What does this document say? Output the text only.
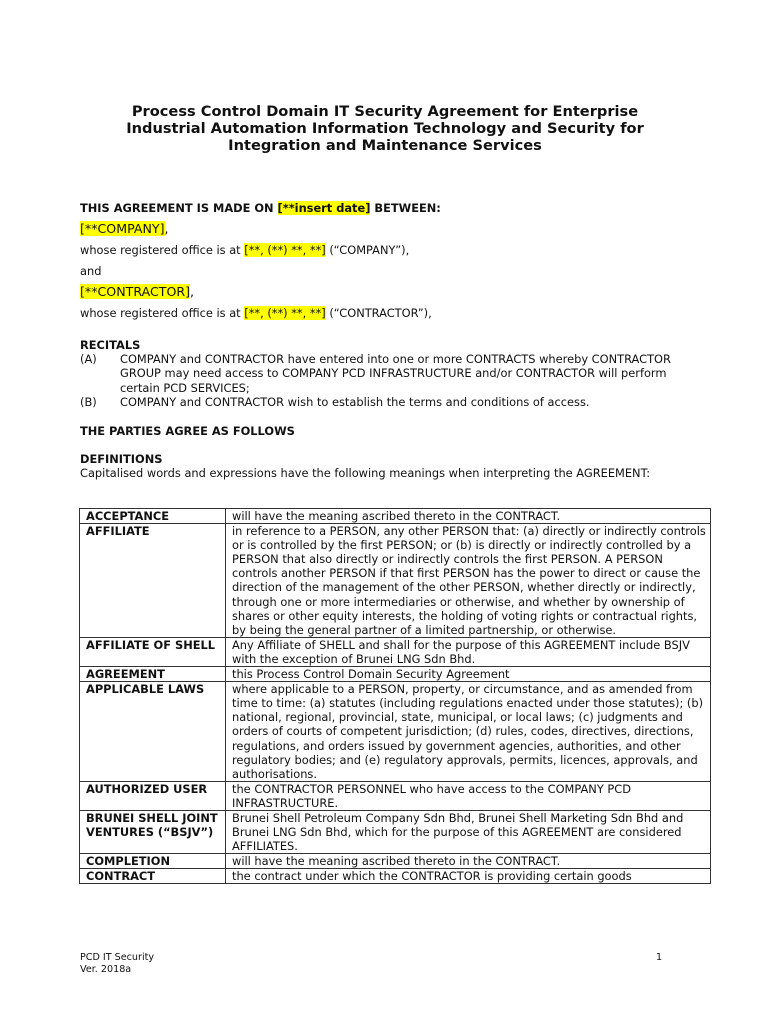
Process Control Domain IT Security Agreement for Enterprise
Industrial Automation Information Technology and Security for
Integration and Maintenance Services
THIS AGREEMENT IS MADE ON [**insert date] BETWEEN:
[**COMPANY],
whose registered office is at [**, (**) **, **] (“COMPANY”),
and
[**CONTRACTOR],
whose registered office is at [**, (**) **, **] (“CONTRACTOR”),
RECITALS
(A)	COMPANY and CONTRACTOR have entered into one or more CONTRACTS whereby CONTRACTOR GROUP may need access to COMPANY PCD INFRASTRUCTURE and/or CONTRACTOR will perform certain PCD SERVICES;
(B)	COMPANY and CONTRACTOR wish to establish the terms and conditions of access.
THE PARTIES AGREE AS FOLLOWS
DEFINITIONS
Capitalised words and expressions have the following meanings when interpreting the AGREEMENT:
ACCEPTANCE	will have the meaning ascribed thereto in the CONTRACT.
AFFILIATE	in reference to a PERSON, any other PERSON that: (a) directly or indirectly controls or is controlled by the first PERSON; or (b) is directly or indirectly controlled by a PERSON that also directly or indirectly controls the first PERSON. A PERSON controls another PERSON if that first PERSON has the power to direct or cause the direction of the management of the other PERSON, whether directly or indirectly, through one or more intermediaries or otherwise, and whether by ownership of shares or other equity interests, the holding of voting rights or contractual rights, by being the general partner of a limited partnership, or otherwise.
AFFILIATE OF SHELL	Any Affiliate of SHELL and shall for the purpose of this AGREEMENT include BSJV with the exception of Brunei LNG Sdn Bhd.
AGREEMENT	this Process Control Domain Security Agreement
APPLICABLE LAWS	where applicable to a PERSON, property, or circumstance, and as amended from time to time: (a) statutes (including regulations enacted under those statutes); (b) national, regional, provincial, state, municipal, or local laws; (c) judgments and orders of courts of competent jurisdiction; (d) rules, codes, directives, directions, regulations, and orders issued by government agencies, authorities, and other regulatory bodies; and (e) regulatory approvals, permits, licences, approvals, and authorisations.
AUTHORIZED USER	the CONTRACTOR PERSONNEL who have access to the COMPANY PCD INFRASTRUCTURE.
BRUNEI SHELL JOINT VENTURES (“BSJV”)	Brunei Shell Petroleum Company Sdn Bhd, Brunei Shell Marketing Sdn Bhd and Brunei LNG Sdn Bhd, which for the purpose of this AGREEMENT are considered AFFILIATES.
COMPLETION	will have the meaning ascribed thereto in the CONTRACT.
CONTRACT	the contract under which the CONTRACTOR is providing certain goods
PCD IT Security
Ver. 2018a
1
